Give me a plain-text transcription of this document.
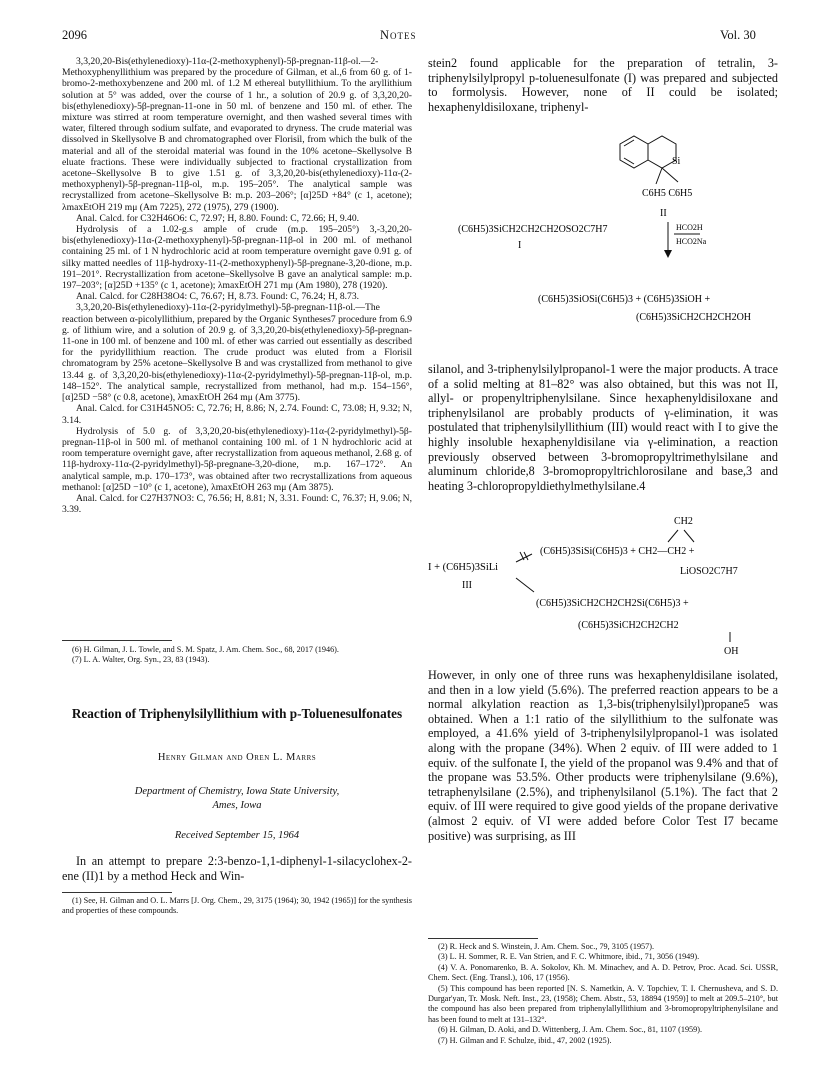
2096	Notes	Vol. 30

3,3,20,20-Bis(ethylenedioxy)-11α-(2-methoxyphenyl)-5β-pregnan-11β-ol.—2-Methoxyphenyllithium was prepared by the procedure of Gilman, et al.,6 from 60 g. of 1-bromo-2-methoxybenzene and 200 ml. of 1.2 M ethereal butyllithium. To the aryllithium solution at 5° was added, over the course of 1 hr., a solution of 20.9 g. of 3,3,20,20-bis(ethylenedioxy)-5β-pregnan-11-one in 50 ml. of benzene and 150 ml. of ether. The mixture was stirred at room temperature overnight, and then washed several times with water, filtered through sodium sulfate, and evaporated to dryness. The crude material was dissolved in Skellysolve B and chromatographed over Florisil, from which the bulk of the material and all of the steroidal material was found in the 10% acetone–Skellysolve B eluate fractions. These were individually subjected to fractional crystallization from acetone–Skellysolve B to give 1.51 g. of 3,3,20,20-bis(ethylenedioxy)-11α-(2-methoxyphenyl)-5β-pregnan-11β-ol, m.p. 195–205°. The analytical sample was recrystallized from acetone–Skellysolve B: m.p. 203–206°; [α]25D +84° (c 1, acetone); λmaxEtOH 219 mμ (Am 7225), 272 (1975), 279 (1900).

Anal. Calcd. for C32H46O6: C, 72.97; H, 8.80. Found: C, 72.66; H, 9.40.

Hydrolysis of a 1.02-g.s ample of crude (m.p. 195–205°) 3,-3,20,20-bis(ethylenedioxy)-11α-(2-methoxyphenyl)-5β-pregnan-11β-ol in 200 ml. of methanol containing 25 ml. of 1 N hydrochloric acid at room temperature overnight gave 0.91 g. of silky matted needles of 11β-hydroxy-11-(2-methoxyphenyl)-5β-pregnane-3,20-dione, m.p. 191–201°. Recrystallization from acetone–Skellysolve B gave an analytical sample: m.p. 197–203°; [α]25D +135° (c 1, acetone); λmaxEtOH 271 mμ (Am 1980), 278 (1920).

Anal. Calcd. for C28H38O4: C, 76.67; H, 8.73. Found: C, 76.24; H, 8.73.

3,3,20,20-Bis(ethylenedioxy)-11α-(2-pyridylmethyl)-5β-pregnan-11β-ol.—The reaction between α-picolyllithium, prepared by the Organic Syntheses7 procedure from 6.9 g. of lithium wire, and a solution of 20.9 g. of 3,3,20,20-bis(ethylenedioxy)-5β-pregnan-11-one in 100 ml. of benzene and 100 ml. of ether was carried out essentially as described for the pyridyllithium reaction. The crude product was eluted from a Florisil chromatogram by 25% acetone–Skellysolve B and was crystallized from methanol to give 13.44 g. of 3,3,20,20-bis(ethylenedioxy)-11α-(2-pyridylmethyl)-5β-pregnan-11β-ol, m.p. 148–152°. The analytical sample, recrystallized from methanol, had m.p. 154–156°, [α]25D −58° (c 0.8, acetone), λmaxEtOH 264 mμ (Am 3775).

Anal. Calcd. for C31H45NO5: C, 72.76; H, 8.86; N, 2.74. Found: C, 73.08; H, 9.32; N, 3.14.

Hydrolysis of 5.0 g. of 3,3,20,20-bis(ethylenedioxy)-11α-(2-pyridylmethyl)-5β-pregnan-11β-ol in 500 ml. of methanol containing 100 ml. of 1 N hydrochloric acid at room temperature overnight gave, after recrystallization from aqueous methanol, 2.68 g. of 11β-hydroxy-11α-(2-pyridylmethyl)-5β-pregnane-3,20-dione, m.p. 167–172°. An analytical sample, m.p. 170–173°, was obtained after two recrystallizations from aqueous methanol: [α]25D −10° (c 1, acetone), λmaxEtOH 263 mμ (Am 3875).

Anal. Calcd. for C27H37NO3: C, 76.56; H, 8.81; N, 3.31. Found: C, 76.37; H, 9.06; N, 3.39.

(6) H. Gilman, J. L. Towle, and S. M. Spatz, J. Am. Chem. Soc., 68, 2017 (1946).

(7) L. A. Walter, Org. Syn., 23, 83 (1943).

Reaction of Triphenylsilyllithium with p-Toluenesulfonates
Henry Gilman and Oren L. Marrs
Department of Chemistry, Iowa State University,
Ames, Iowa
Received September 15, 1964

In an attempt to prepare 2:3-benzo-1,1-diphenyl-1-silacyclohex-2-ene (II)1 by a method Heck and Win-

(1) See, H. Gilman and O. L. Marrs [J. Org. Chem., 29, 3175 (1964); 30, 1942 (1965)] for the synthesis and properties of these compounds.

stein2 found applicable for the preparation of tetralin, 3-triphenylsilylpropyl p-toluenesulfonate (I) was prepared and subjected to formolysis. However, none of II could be isolated; hexaphenyldisiloxane, triphenyl-

Si
C6H5 C6H5
II
(C6H5)3SiCH2CH2CH2OSO2C7H7
I
HCO2H
HCO2Na
(C6H5)3SiOSi(C6H5)3 + (C6H5)3SiOH +
(C6H5)3SiCH2CH2CH2OH

silanol, and 3-triphenylsilylpropanol-1 were the major products. A trace of a solid melting at 81–82° was also obtained, but this was not II, allyl- or propenyltriphenylsilane. Since hexaphenyldisiloxane and triphenylsilanol are probably products of γ-elimination, it was postulated that triphenylsilyllithium (III) would react with I to give the highly insoluble hexaphenyldisilane via γ-elimination, a reaction previously observed between 3-bromopropyltrimethylsilane and aluminum chloride,8 3-bromopropyltrichlorosilane and base,3 and heating 3-chloropropyldiethylmethylsilane.4

CH2
I + (C6H5)3SiLi
III
(C6H5)3SiSi(C6H5)3 + CH2—CH2 +
LiOSO2C7H7
(C6H5)3SiCH2CH2CH2Si(C6H5)3 +
(C6H5)3SiCH2CH2CH2
OH

However, in only one of three runs was hexaphenyldisilane isolated, and then in a low yield (5.6%). The preferred reaction appears to be a normal alkylation reaction as 1,3-bis(triphenylsilyl)propane5 was obtained. When a 1:1 ratio of the silyllithium to the sulfonate was employed, a 41.6% yield of 3-triphenylsilylpropanol-1 was isolated along with the propane (34%). When 2 equiv. of III were added to 1 equiv. of the sulfonate I, the yield of the propanol was 9.4% and that of the propane was 53.5%. Other products were triphenylsilane (9.6%), tetraphenylsilane (2.5%), and triphenylsilanol (5.1%). The fact that 2 equiv. of III were required to give good yields of the propane derivative (almost 2 equiv. of VI were added before Color Test I7 became positive) was surprising, as III

(2) R. Heck and S. Winstein, J. Am. Chem. Soc., 79, 3105 (1957).

(3) L. H. Sommer, R. E. Van Strien, and F. C. Whitmore, ibid., 71, 3056 (1949).

(4) V. A. Ponomarenko, B. A. Sokolov, Kh. M. Minachev, and A. D. Petrov, Proc. Acad. Sci. USSR, Chem. Sect. (Eng. Transl.), 106, 17 (1956).

(5) This compound has been reported [N. S. Nametkin, A. V. Topchiev, T. I. Chernusheva, and S. D. Durgar'yan, Tr. Mosk. Neft. Inst., 23, (1958); Chem. Abstr., 53, 18894 (1959)] to melt at 209.5–210°, but the compound has also been prepared from triphenylallyllithium and 3-bromopropyltriphenylsilane and has been found to melt at 131–132°.

(6) H. Gilman, D. Aoki, and D. Wittenberg, J. Am. Chem. Soc., 81, 1107 (1959).

(7) H. Gilman and F. Schulze, ibid., 47, 2002 (1925).
